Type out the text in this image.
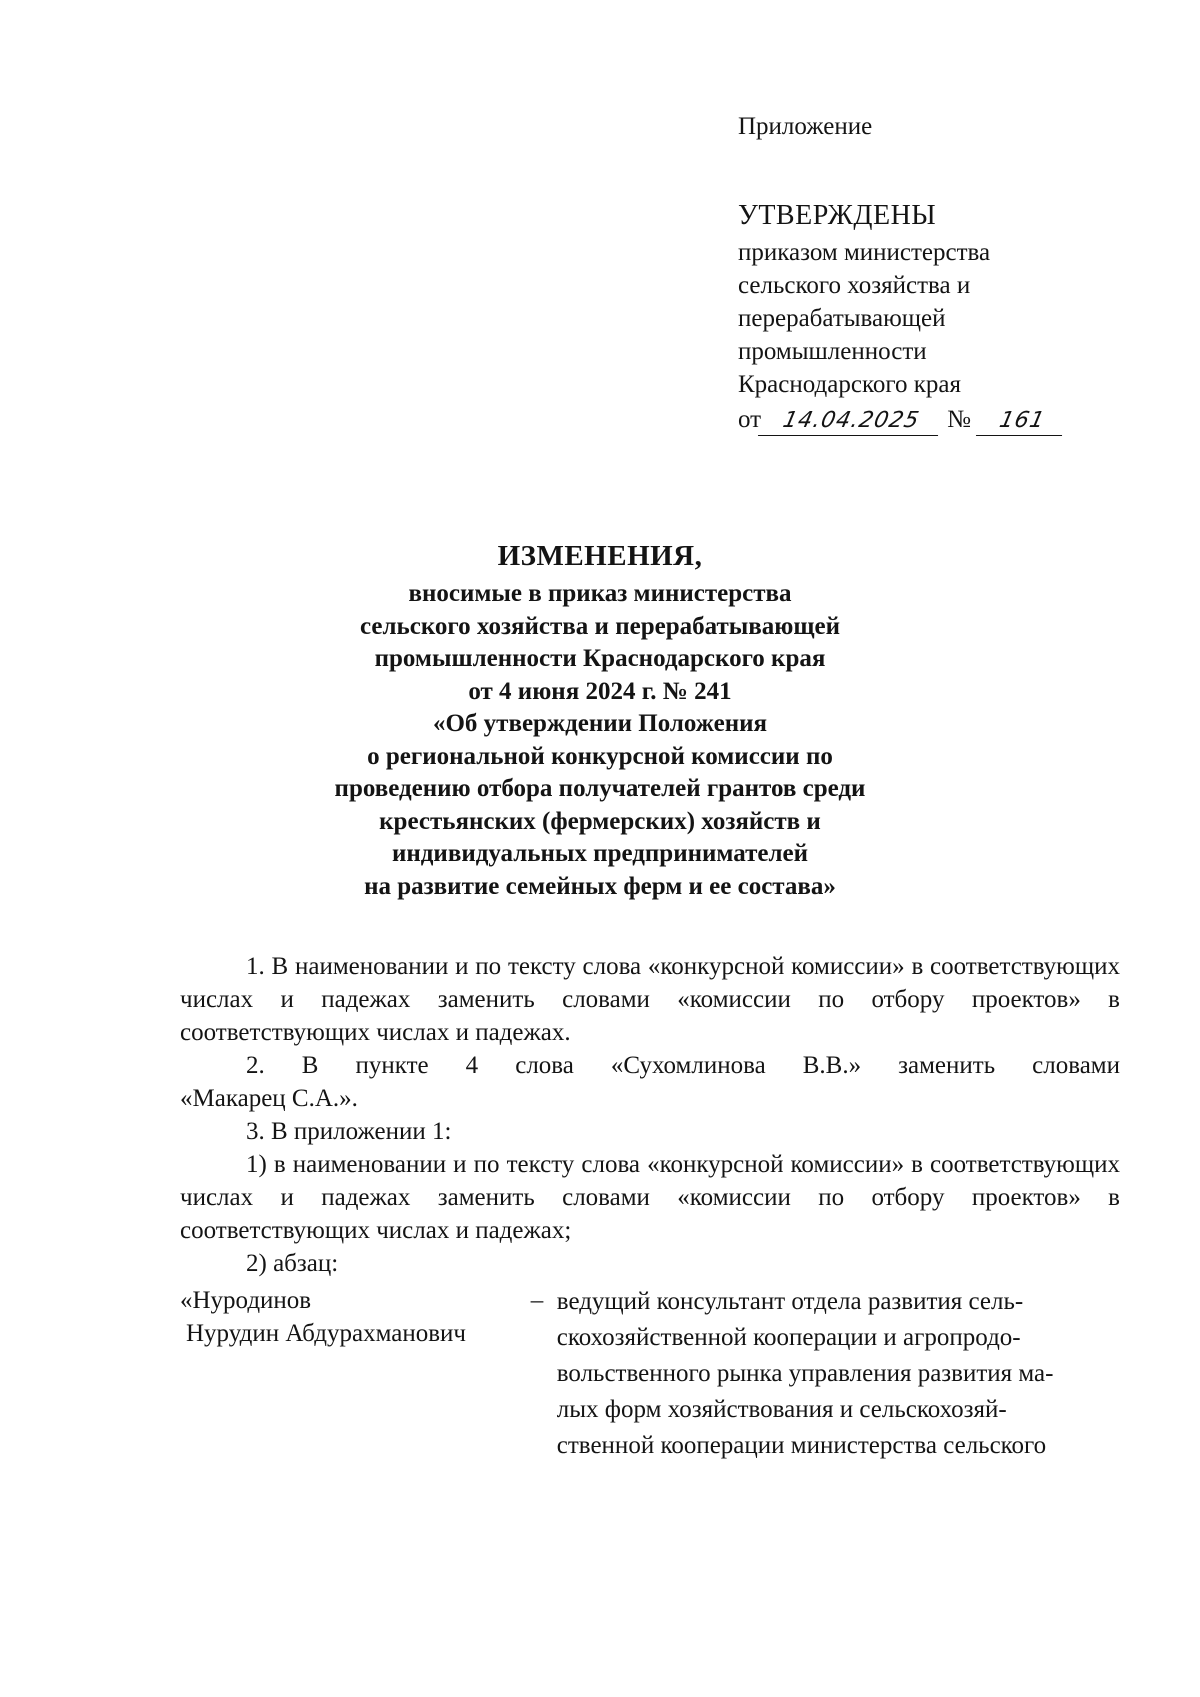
Приложение

УТВЕРЖДЕНЫ

приказом министерства

сельского хозяйства и

перерабатывающей

промышленности

Краснодарского края

от 14.04.2025	№	161

ИЗМЕНЕНИЯ,

вносимые в приказ министерства

сельского хозяйства и перерабатывающей

промышленности Краснодарского края

от 4 июня 2024 г. № 241

«Об утверждении Положения

о региональной конкурсной комиссии по

проведению отбора получателей грантов среди

крестьянских (фермерских) хозяйств и

индивидуальных предпринимателей

на развитие семейных ферм и ее состава»

1. В наименовании и по тексту слова «конкурсной комиссии» в соответствующих числах и падежах заменить словами «комиссии по отбору проектов» в соответствующих числах и падежах.

2. В пункте 4 слова «Сухомлинова В.В.» заменить словами

«Макарец С.А.».

3. В приложении 1:

1) в наименовании и по тексту слова «конкурсной комиссии» в соответствующих числах и падежах заменить словами «комиссии по отбору проектов» в соответствующих числах и падежах;

2) абзац:

«Нуродинов

Нурудин Абдурахманович

– ведущий консультант отдела развития сель-

скохозяйственной кооперации и агропродо-

вольственного рынка управления развития ма-

лых форм хозяйствования и сельскохозяй-

ственной кооперации министерства сельского
